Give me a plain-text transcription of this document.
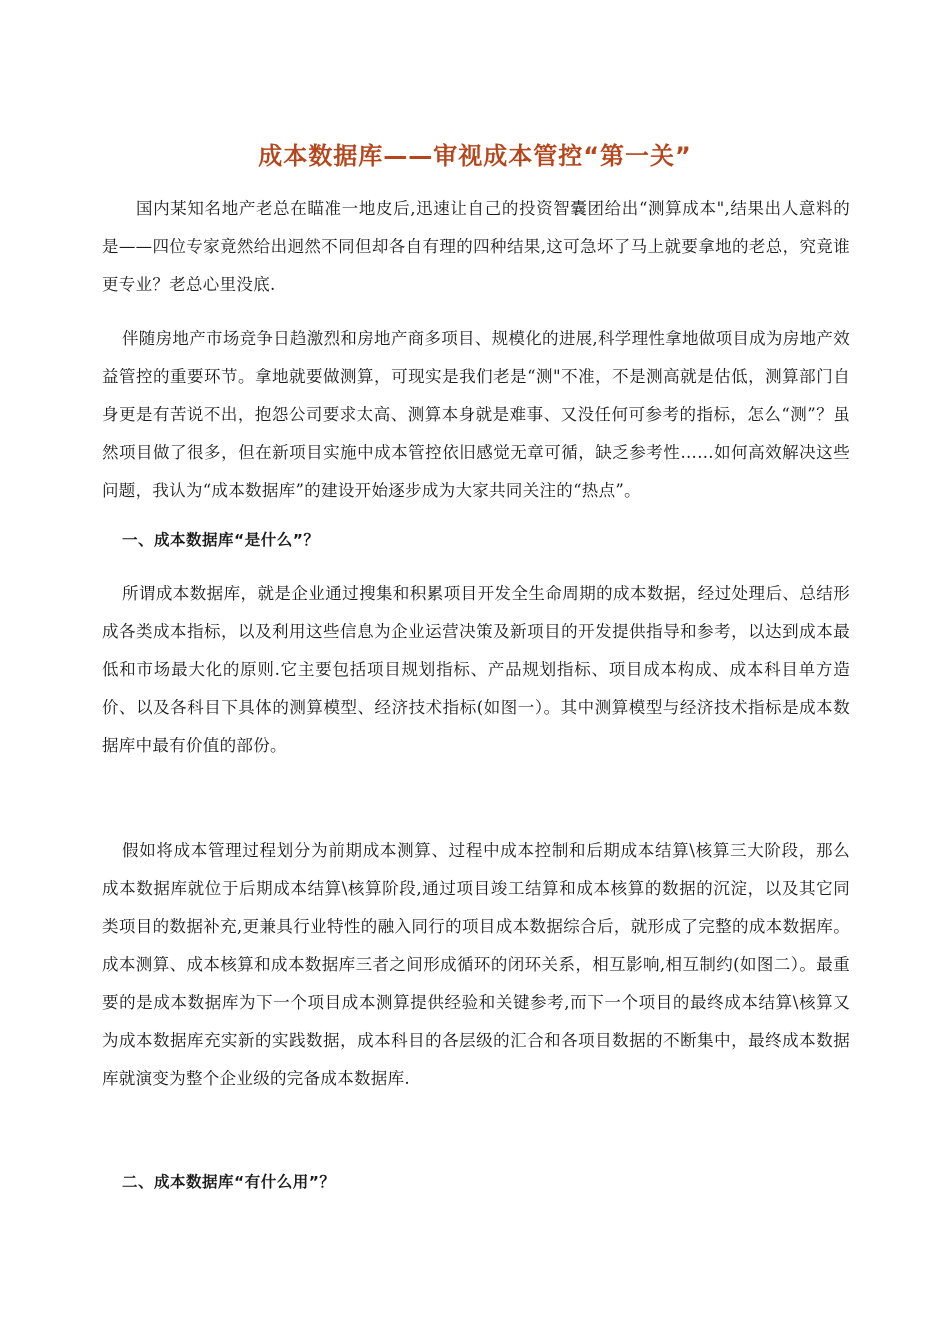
成本数据库——审视成本管控“第一关”

国内某知名地产老总在瞄准一地皮后,迅速让自己的投资智囊团给出“测算成本",结果出人意料的是——四位专家竟然给出迥然不同但却各自有理的四种结果,这可急坏了马上就要拿地的老总，究竟谁更专业？老总心里没底.

伴随房地产市场竞争日趋激烈和房地产商多项目、规模化的进展,科学理性拿地做项目成为房地产效益管控的重要环节。拿地就要做测算，可现实是我们老是“测"不准，不是测高就是估低，测算部门自身更是有苦说不出，抱怨公司要求太高、测算本身就是难事、又没任何可参考的指标，怎么“测”？虽然项目做了很多，但在新项目实施中成本管控依旧感觉无章可循，缺乏参考性……如何高效解决这些问题，我认为“成本数据库”的建设开始逐步成为大家共同关注的“热点”。

一、成本数据库“是什么”？

所谓成本数据库，就是企业通过搜集和积累项目开发全生命周期的成本数据，经过处理后、总结形成各类成本指标，以及利用这些信息为企业运营决策及新项目的开发提供指导和参考，以达到成本最低和市场最大化的原则.它主要包括项目规划指标、产品规划指标、项目成本构成、成本科目单方造价、以及各科目下具体的测算模型、经济技术指标(如图一）。其中测算模型与经济技术指标是成本数据库中最有价值的部份。

假如将成本管理过程划分为前期成本测算、过程中成本控制和后期成本结算\核算三大阶段，那么成本数据库就位于后期成本结算\核算阶段,通过项目竣工结算和成本核算的数据的沉淀，以及其它同类项目的数据补充,更兼具行业特性的融入同行的项目成本数据综合后，就形成了完整的成本数据库。成本测算、成本核算和成本数据库三者之间形成循环的闭环关系，相互影响,相互制约(如图二）。最重要的是成本数据库为下一个项目成本测算提供经验和关键参考,而下一个项目的最终成本结算\核算又为成本数据库充实新的实践数据，成本科目的各层级的汇合和各项目数据的不断集中，最终成本数据库就演变为整个企业级的完备成本数据库.

二、成本数据库“有什么用”？
